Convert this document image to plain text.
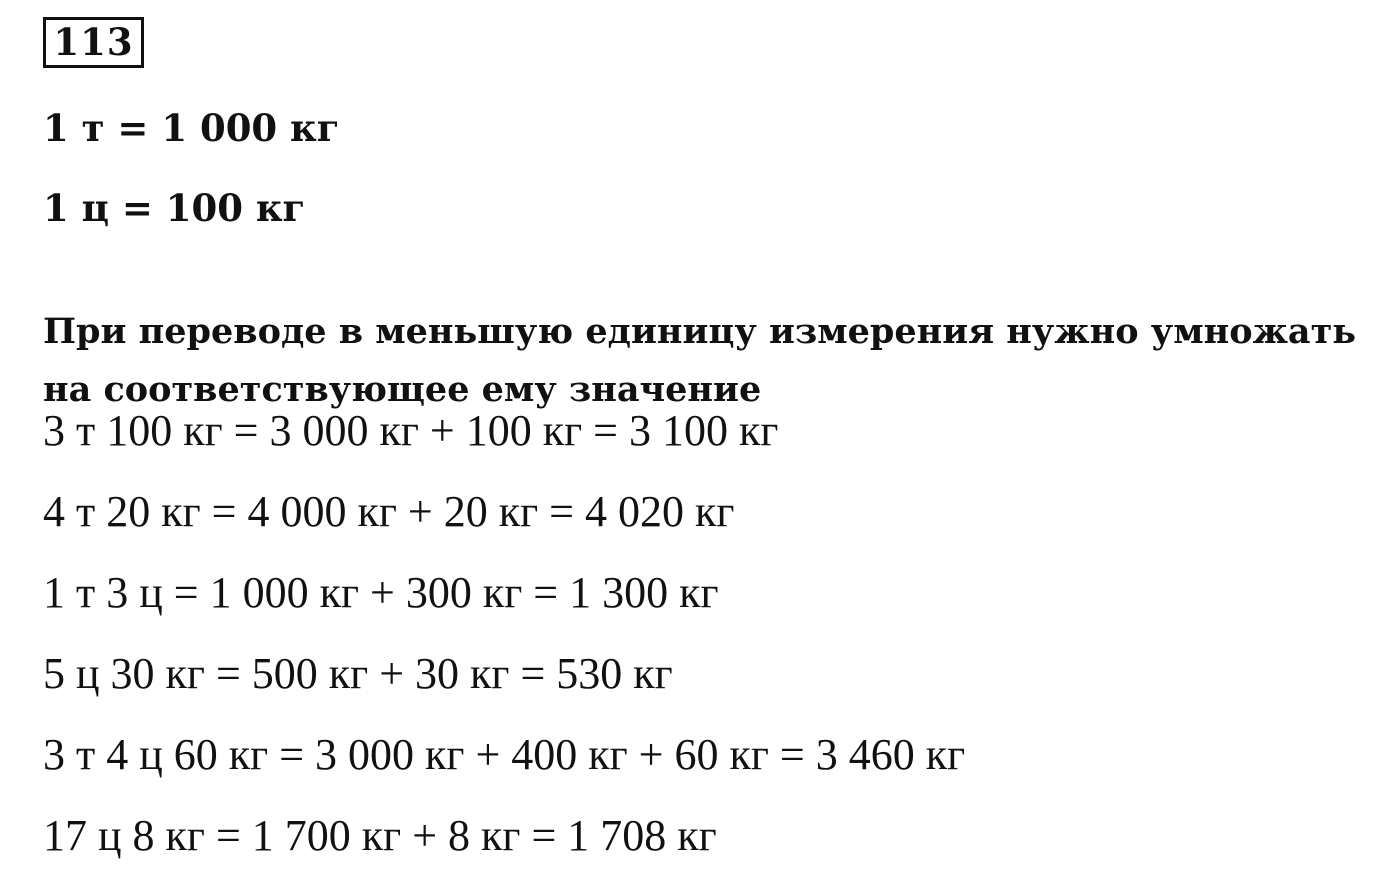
113
1 т = 1 000 кг
1 ц = 100 кг

При переводе в меньшую единицу измерения нужно умножать на соответствующее ему значение

3 т 100 кг = 3 000 кг + 100 кг = 3 100 кг
4 т 20 кг = 4 000 кг + 20 кг = 4 020 кг
1 т 3 ц = 1 000 кг + 300 кг = 1 300 кг
5 ц 30 кг = 500 кг + 30 кг = 530 кг
3 т 4 ц 60 кг = 3 000 кг + 400 кг + 60 кг = 3 460 кг
17 ц 8 кг = 1 700 кг + 8 кг = 1 708 кг
